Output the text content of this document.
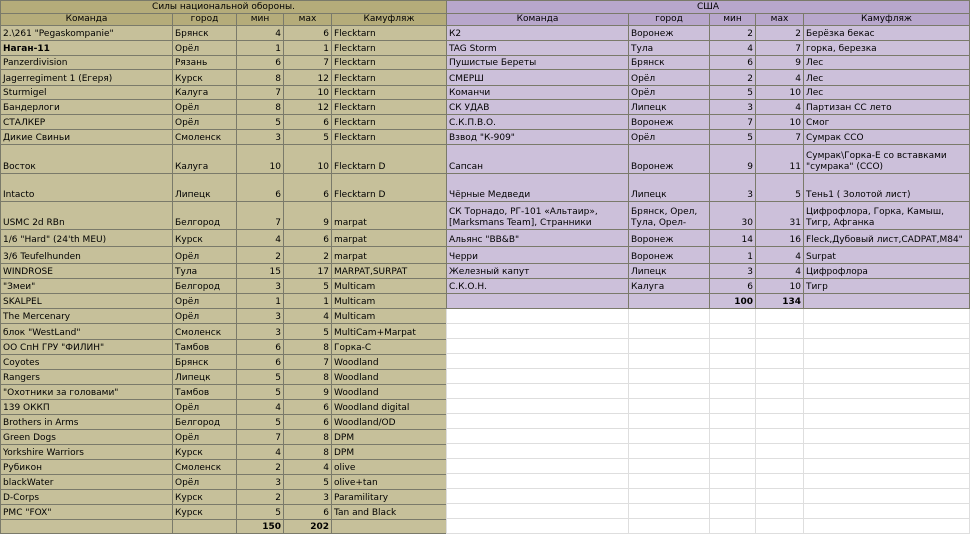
Силы национальной обороны.				
Команда	город	мин	мах	Камуфляж
2.\261 "Pegaskompanie"	Брянск	4	6	Flecktarn
Наган-11	Орёл	1	1	Flecktarn
Panzerdivision	Рязань	6	7	Flecktarn
Jagerregiment 1 (Егеря)	Курск	8	12	Flecktarn
Sturmigel	Калуга	7	10	Flecktarn
Бандерлоги	Орёл	8	12	Flecktarn
СТАЛКЕР	Орёл	5	6	Flecktarn
Дикие Свиньи	Смоленск	3	5	Flecktarn
Восток	Калуга	10	10	Flecktarn D
Intacto	Липецк	6	6	Flecktarn D
USMC 2d RBn	Белгород	7	9	marpat
1/6 "Hard" (24'th MEU)	Курск	4	6	marpat
3/6 Teufelhunden	Орёл	2	2	marpat
WINDROSE	Тула	15	17	MARPAT,SURPAT
"Змеи"	Белгород	3	5	Multicam
SKALPEL	Орёл	1	1	Multicam
The Mercenary	Орёл	3	4	Multicam
блок "WestLand"	Смоленск	3	5	MultiCam+Marpat
ОО СпН ГРУ "ФИЛИН"	Тамбов	6	8	Горка-С
Coyotes	Брянск	6	7	Woodland
Rangers	Липецк	5	8	Woodland
"Охотники за головами"	Тамбов	5	9	Woodland
139 ОККП	Орёл	4	6	Woodland digital
Brothers in Arms	Белгород	5	6	Woodland/OD
Green Dogs	Орёл	7	8	DPM
Yorkshire Warriors	Курск	4	8	DPM
Рубикон	Смоленск	2	4	olive
blackWater	Орёл	3	5	olive+tan
D-Corps	Курск	2	3	Paramilitary
PMC "FOX"	Курск	5	6	Tan and Black
		150	202	
США				
Команда	город	мин	мах	Камуфляж
К2	Воронеж	2	2	Берёзка бекас
TAG Storm	Тула	4	7	горка, березка
Пушистые Береты	Брянск	6	9	Лес
СМЕРШ	Орёл	2	4	Лес
Команчи	Орёл	5	10	Лес
СК УДАВ	Липецк	3	4	Партизан СС лето
С.К.П.В.О.	Воронеж	7	10	Смог
Взвод "К-909"	Орёл	5	7	Сумрак ССО
Сапсан	Воронеж	9	11	Сумрак\Горка-Е со вставками "сумрака" (ССО)
Чёрные Медведи	Липецк	3	5	Тень1 ( Золотой лист)
СК Торнадо, РГ-101 «Альтаир», [Marksmans Team], Странники	Брянск, Орел, Тула, Орел-	30	31	Цифрофлора, Горка, Камыш, Тигр, Афганка
Альянс "ВВ&В"	Воронеж	14	16	Fleck,Дубовый лист,CADPAT,M84"
Черри	Воронеж	1	4	Surpat
Железный капут	Липецк	3	4	Цифрофлора
С.К.О.Н.	Калуга	6	10	Тигр
		100	134	
